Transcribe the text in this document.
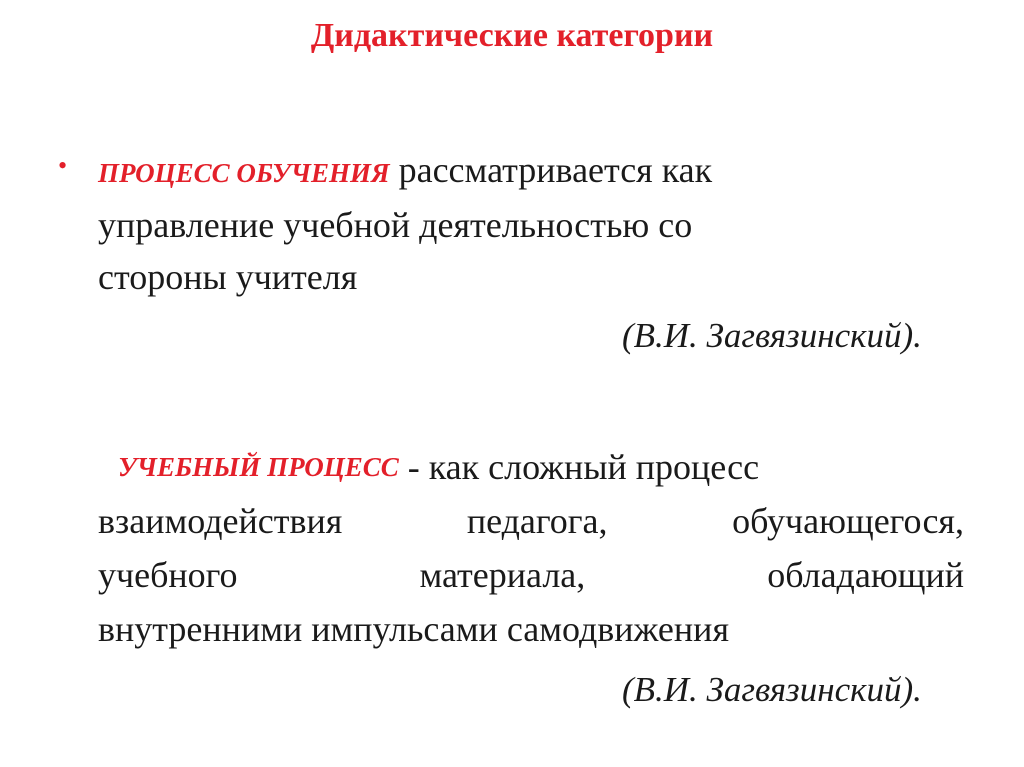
Дидактические категории
• ПРОЦЕСС ОБУЧЕНИЯ рассматривается как
управление учебной деятельностью со
стороны учителя
(В.И. Загвязинский).
УЧЕБНЫЙ ПРОЦЕСС - как сложный процесс
взаимодействия	педагога,	обучающегося,
учебного	материала,	обладающий
внутренними импульсами самодвижения
(В.И. Загвязинский).
